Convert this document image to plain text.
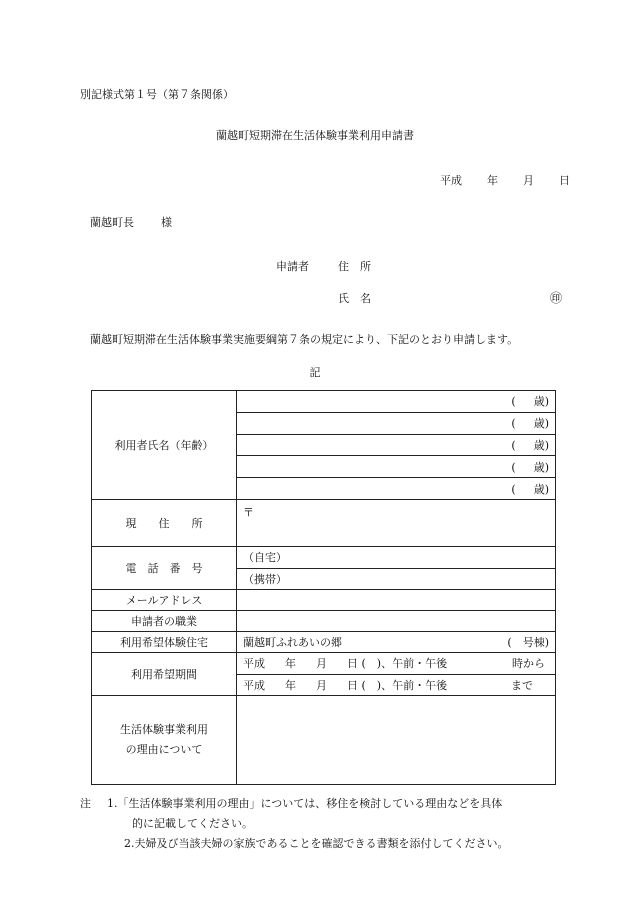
別記様式第１号（第７条関係）
蘭越町短期滞在生活体験事業利用申請書
平成 年 月 日
蘭越町長 様
申請者	住　所
氏　名	㊞
蘭越町短期滞在生活体験事業実施要綱第７条の規定により、下記のとおり申請します。
記
利用者氏名（年齢）	( 歳)

	( 歳)

	( 歳)

	( 歳)

	( 歳)

現　　住　　所	〒
電　話　番　号	（自宅）
	（携帯）
メールアドレス	
申請者の職業	
利用希望体験住宅	蘭越町ふれあいの郷 (　号棟)

利用希望期間	平成 年 月 日 (　)、午前・午後 時から

	平成 年 月 日 (　)、午前・午後 まで

生活体験事業利用
の理由について	

注 1.「生活体験事業利用の理由」については、移住を検討している理由などを具体
的に記載してください。
2.夫婦及び当該夫婦の家族であることを確認できる書類を添付してください。
